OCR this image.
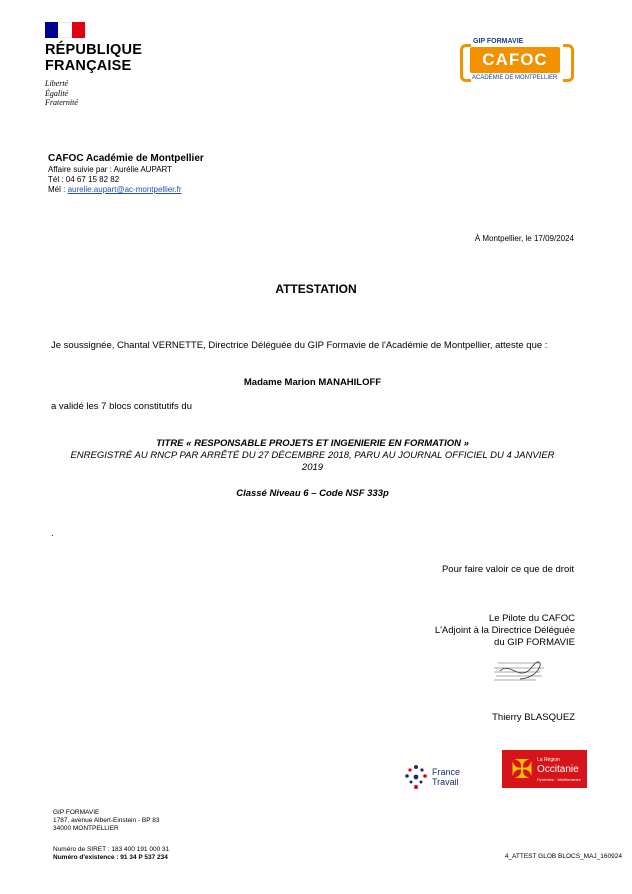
RÉPUBLIQUE
FRANÇAISE
Liberté
Égalité
Fraternité
GIP FORMAVIE
CAFOC
ACADÉMIE DE MONTPELLIER
CAFOC Académie de Montpellier
Affaire suivie par : Aurélie AUPART
Tél : 04 67 15 82 82
Mél : aurelie.aupart@ac-montpellier.fr
À Montpellier, le 17/09/2024
ATTESTATION
Je soussignée, Chantal VERNETTE, Directrice Déléguée du GIP Formavie de l'Académie de Montpellier, atteste que :
Madame Marion MANAHILOFF
a validé les 7 blocs constitutifs du
TITRE « RESPONSABLE PROJETS ET INGENIERIE EN FORMATION »
ENREGISTRÉ AU RNCP PAR ARRÊTÉ DU 27 DÉCEMBRE 2018, PARU AU JOURNAL OFFICIEL DU 4 JANVIER 2019
Classé Niveau 6 – Code NSF 333p
.
Pour faire valoir ce que de droit
Le Pilote du CAFOC
L'Adjoint à la Directrice Déléguée
du GIP FORMAVIE
Thierry BLASQUEZ
France
Travail ✠ La Région
Occitanie
Pyrénées · Méditerranée
GIP FORMAVIE
1787, avenue Albert-Einstein - BP 83
34000 MONTPELLIER
Numéro de SIRET : 183 400 191 000 31
Numéro d'existence : 91 34 P 537 234	4_ATTEST GLOB BLOCS_MAJ_160924
